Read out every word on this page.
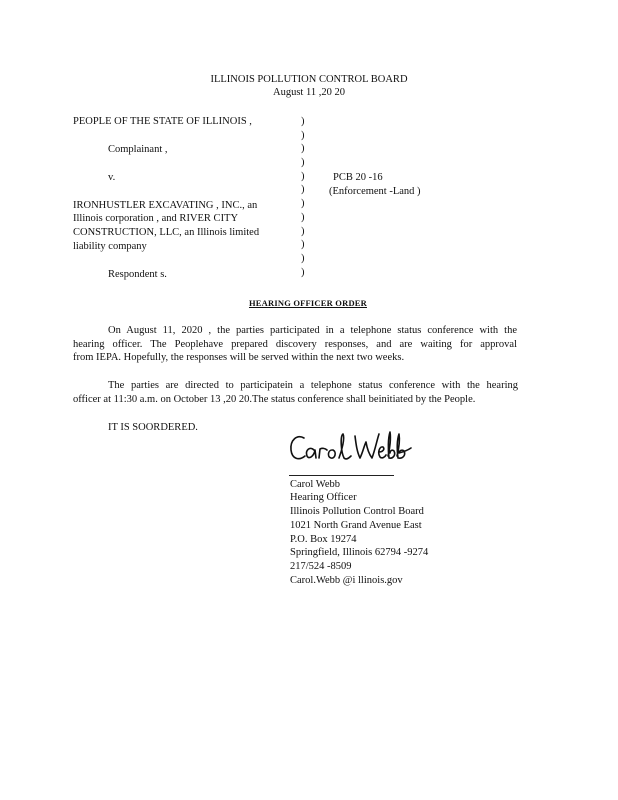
ILLINOIS POLLUTION CONTROL BOARD
August 11 ,20 20
PEOPLE OF THE STATE OF ILLINOIS ,
Complainant ,
v.
IRONHUSTLER EXCAVATING , INC., an
Illinois corporation , and RIVER CITY
CONSTRUCTION, LLC, an Illinois limited
liability company
Respondent s.
)
)
)
)
)
)
)
)
)
)
)
)
PCB 20 -16
(Enforcement -Land )
HEARING OFFICER ORDER
On August 11, 2020 , the parties participated in a telephone status conference with the
hearing officer. The Peoplehave prepared discovery responses, and are waiting for approval
from IEPA. Hopefully, the responses will be served within the next two weeks.
The parties are directed to participatein a telephone status conference with the hearing
officer at 11:30 a.m. on October 13 ,20 20.The status conference shall beinitiated by the People.
IT IS SOORDERED.
Carol Webb
Hearing Officer
Illinois Pollution Control Board
1021 North Grand Avenue East
P.O. Box 19274
Springfield, Illinois 62794 -9274
217/524 -8509
Carol.Webb @i llinois.gov
